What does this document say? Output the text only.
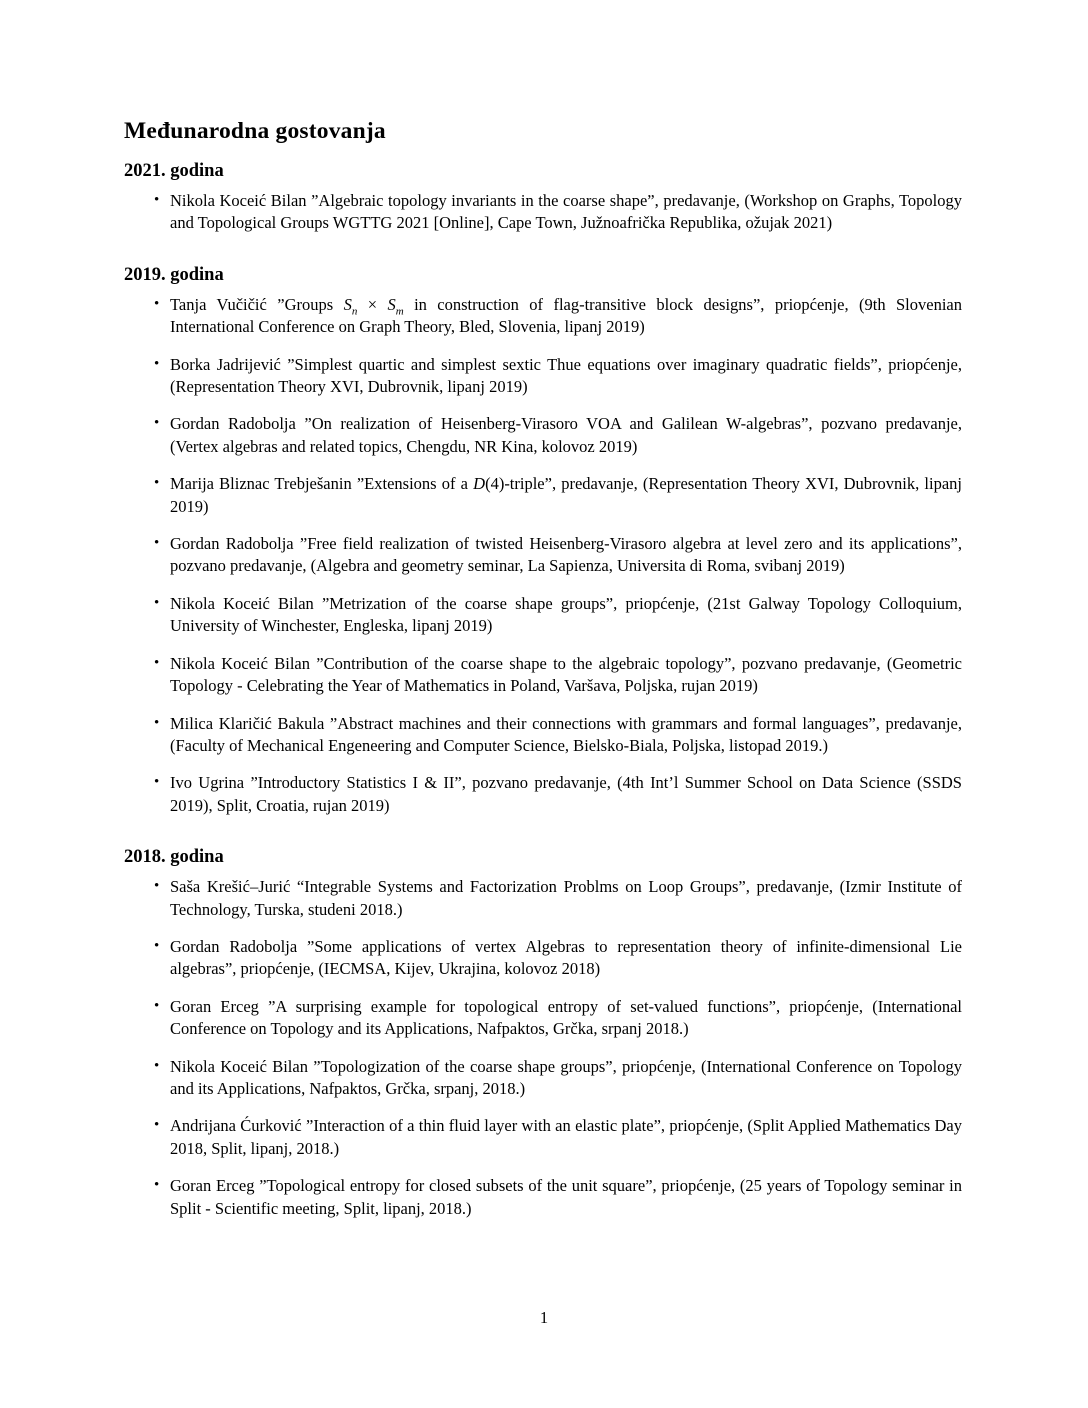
Međunarodna gostovanja
2021. godina
• Nikola Koceić Bilan ”Algebraic topology invariants in the coarse shape”, predavanje, (Workshop on Graphs, Topology and Topological Groups WGTTG 2021 [Online], Cape Town, Južnoafrička Republika, ožujak 2021)
2019. godina
• Tanja Vučičić ”Groups $S_n \times S_m$ in construction of flag-transitive block designs”, priopćenje, (9th Slovenian International Conference on Graph Theory, Bled, Slovenia, lipanj 2019)
• Borka Jadrijević ”Simplest quartic and simplest sextic Thue equations over imaginary quadratic fields”, priopćenje, (Representation Theory XVI, Dubrovnik, lipanj 2019)
• Gordan Radobolja ”On realization of Heisenberg-Virasoro VOA and Galilean W-algebras”, pozvano predavanje, (Vertex algebras and related topics, Chengdu, NR Kina, kolovoz 2019)
• Marija Bliznac Trebješanin ”Extensions of a D(4)-triple”, predavanje, (Representation Theory XVI, Dubrovnik, lipanj 2019)
• Gordan Radobolja ”Free field realization of twisted Heisenberg-Virasoro algebra at level zero and its applications”, pozvano predavanje, (Algebra and geometry seminar, La Sapienza, Universita di Roma, svibanj 2019)
• Nikola Koceić Bilan ”Metrization of the coarse shape groups”, priopćenje, (21st Galway Topology Colloquium, University of Winchester, Engleska, lipanj 2019)
• Nikola Koceić Bilan ”Contribution of the coarse shape to the algebraic topology”, pozvano predavanje, (Geometric Topology - Celebrating the Year of Mathematics in Poland, Varšava, Poljska, rujan 2019)
• Milica Klaričić Bakula ”Abstract machines and their connections with grammars and formal languages”, predavanje, (Faculty of Mechanical Engeneering and Computer Science, Bielsko-Biala, Poljska, listopad 2019.)
• Ivo Ugrina ”Introductory Statistics I & II”, pozvano predavanje, (4th Int’l Summer School on Data Science (SSDS 2019), Split, Croatia, rujan 2019)
2018. godina
• Saša Krešić–Jurić “Integrable Systems and Factorization Problms on Loop Groups”, predavanje, (Izmir Institute of Technology, Turska, studeni 2018.)
• Gordan Radobolja ”Some applications of vertex Algebras to representation theory of infinite-dimensional Lie algebras”, priopćenje, (IECMSA, Kijev, Ukrajina, kolovoz 2018)
• Goran Erceg ”A surprising example for topological entropy of set-valued functions”, priopćenje, (International Conference on Topology and its Applications, Nafpaktos, Grčka, srpanj 2018.)
• Nikola Koceić Bilan ”Topologization of the coarse shape groups”, priopćenje, (International Conference on Topology and its Applications, Nafpaktos, Grčka, srpanj, 2018.)
• Andrijana Ćurković ”Interaction of a thin fluid layer with an elastic plate”, priopćenje, (Split Applied Mathematics Day 2018, Split, lipanj, 2018.)
• Goran Erceg ”Topological entropy for closed subsets of the unit square”, priopćenje, (25 years of Topology seminar in Split - Scientific meeting, Split, lipanj, 2018.)
1
